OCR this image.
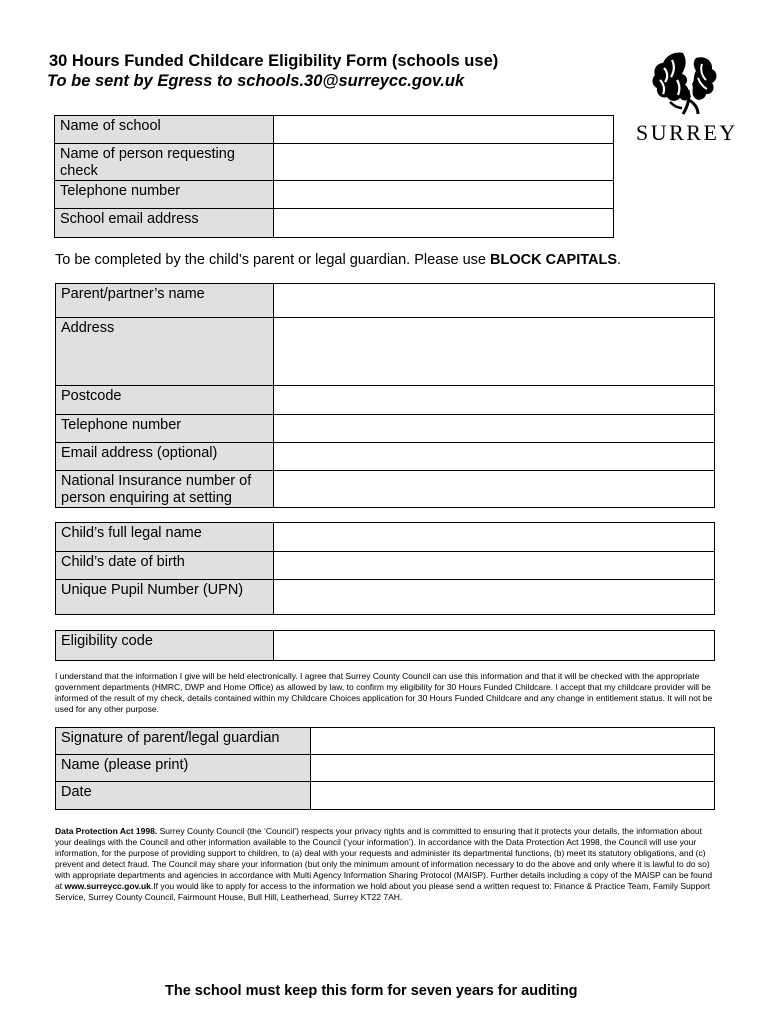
30 Hours Funded Childcare Eligibility Form (schools use)
To be sent by Egress to schools.30@surreycc.gov.uk
SURREY
Name of school	
Name of person requesting check	
Telephone number	
School email address	
To be completed by the child’s parent or legal guardian. Please use BLOCK CAPITALS.
Parent/partner’s name	
Address	
Postcode	
Telephone number	
Email address (optional)	
National Insurance number of person enquiring at setting	
Child’s full legal name	
Child’s date of birth	
Unique Pupil Number (UPN)	
Eligibility code	
I understand that the information I give will be held electronically. I agree that Surrey County Council can use this information and that it will be checked with the appropriate government departments (HMRC, DWP and Home Office) as allowed by law, to confirm my eligibility for 30 Hours Funded Childcare. I accept that my childcare provider will be informed of the result of my check, details contained within my Childcare Choices application for 30 Hours Funded Childcare and any change in entitlement status. It will not be used for any other purpose.
Signature of parent/legal guardian	
Name (please print)	
Date	
Data Protection Act 1998. Surrey County Council (the ‘Council’) respects your privacy rights and is committed to ensuring that it protects your details, the information about your dealings with the Council and other information available to the Council (‘your information’). In accordance with the Data Protection Act 1998, the Council will use your information, for the purpose of providing support to children, to (a) deal with your requests and administer its departmental functions, (b) meet its statutory obligations, and (c) prevent and detect fraud. The Council may share your information (but only the minimum amount of information necessary to do the above and only where it is lawful to do so) with appropriate departments and agencies in accordance with Multi Agency Information Sharing Protocol (MAISP). Further details including a copy of the MAISP can be found at www.surreycc.gov.uk.If you would like to apply for access to the information we hold about you please send a written request to: Finance & Practice Team, Family Support Service, Surrey County Council, Fairmount House, Bull Hill, Leatherhead, Surrey KT22 7AH.
The school must keep this form for seven years for auditing
